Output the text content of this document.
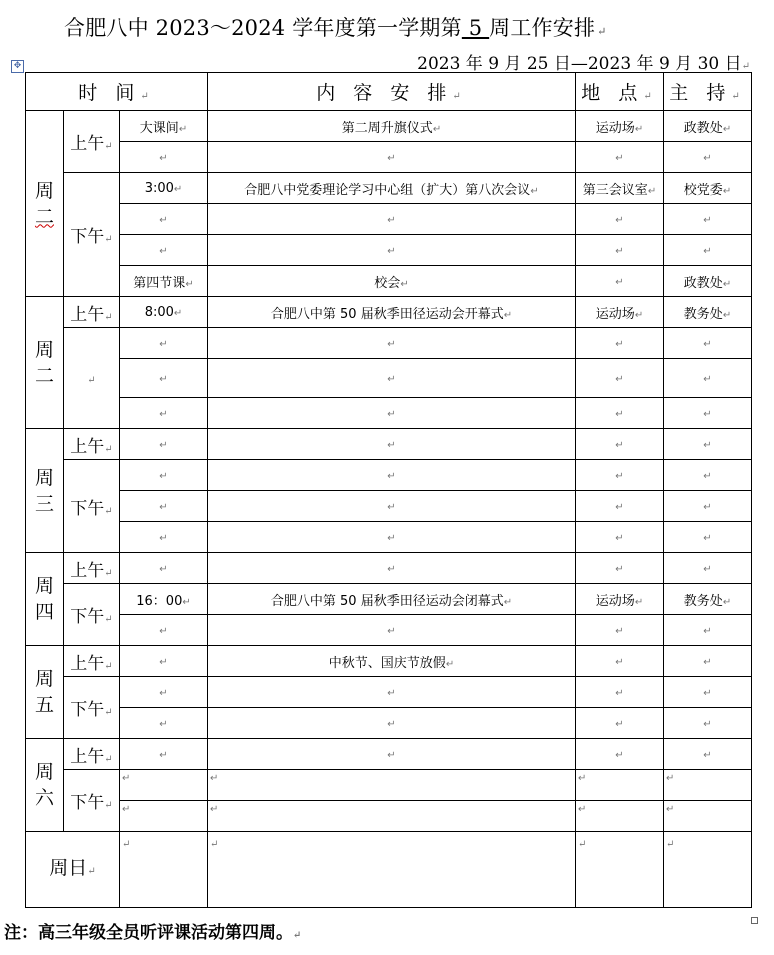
合肥八中 2023～2024 学年度第一学期第 5 周工作安排 ↵
2023 年 9 月 25 日—2023 年 9 月 30 日↵
✥
时 间↵			内 容 安 排↵	地 点↵	主 持↵

周
二	上午↵	大课间↵	第二周升旗仪式↵	运动场↵	政教处↵
		↵	↵	↵	↵
	下午↵	3:00↵	合肥八中党委理论学习中心组（扩大）第八次会议↵	第三会议室↵	校党委↵
		↵	↵	↵	↵
		↵	↵	↵	↵
		第四节课↵	校会↵	↵	政教处↵

周
二	上午↵	8:00↵	合肥八中第 50 届秋季田径运动会开幕式↵	运动场↵	教务处↵
	↵	↵	↵	↵	↵
		↵	↵	↵	↵
		↵	↵	↵	↵

周
三	上午↵	↵	↵	↵	↵
	下午↵	↵	↵	↵	↵
		↵	↵	↵	↵
		↵	↵	↵	↵

周
四	上午↵	↵	↵	↵	↵
	下午↵	16：00↵	合肥八中第 50 届秋季田径运动会闭幕式↵	运动场↵	教务处↵
		↵	↵	↵	↵

周
五	上午↵	↵	中秋节、国庆节放假↵	↵	↵
	下午↵	↵	↵	↵	↵
		↵	↵	↵	↵

周
六	上午↵	↵	↵	↵	↵
	下午↵	↵	↵	↵	↵
		↵	↵	↵	↵
周日↵		↵	↵	↵	↵
注：高三年级全员听评课活动第四周。↵
